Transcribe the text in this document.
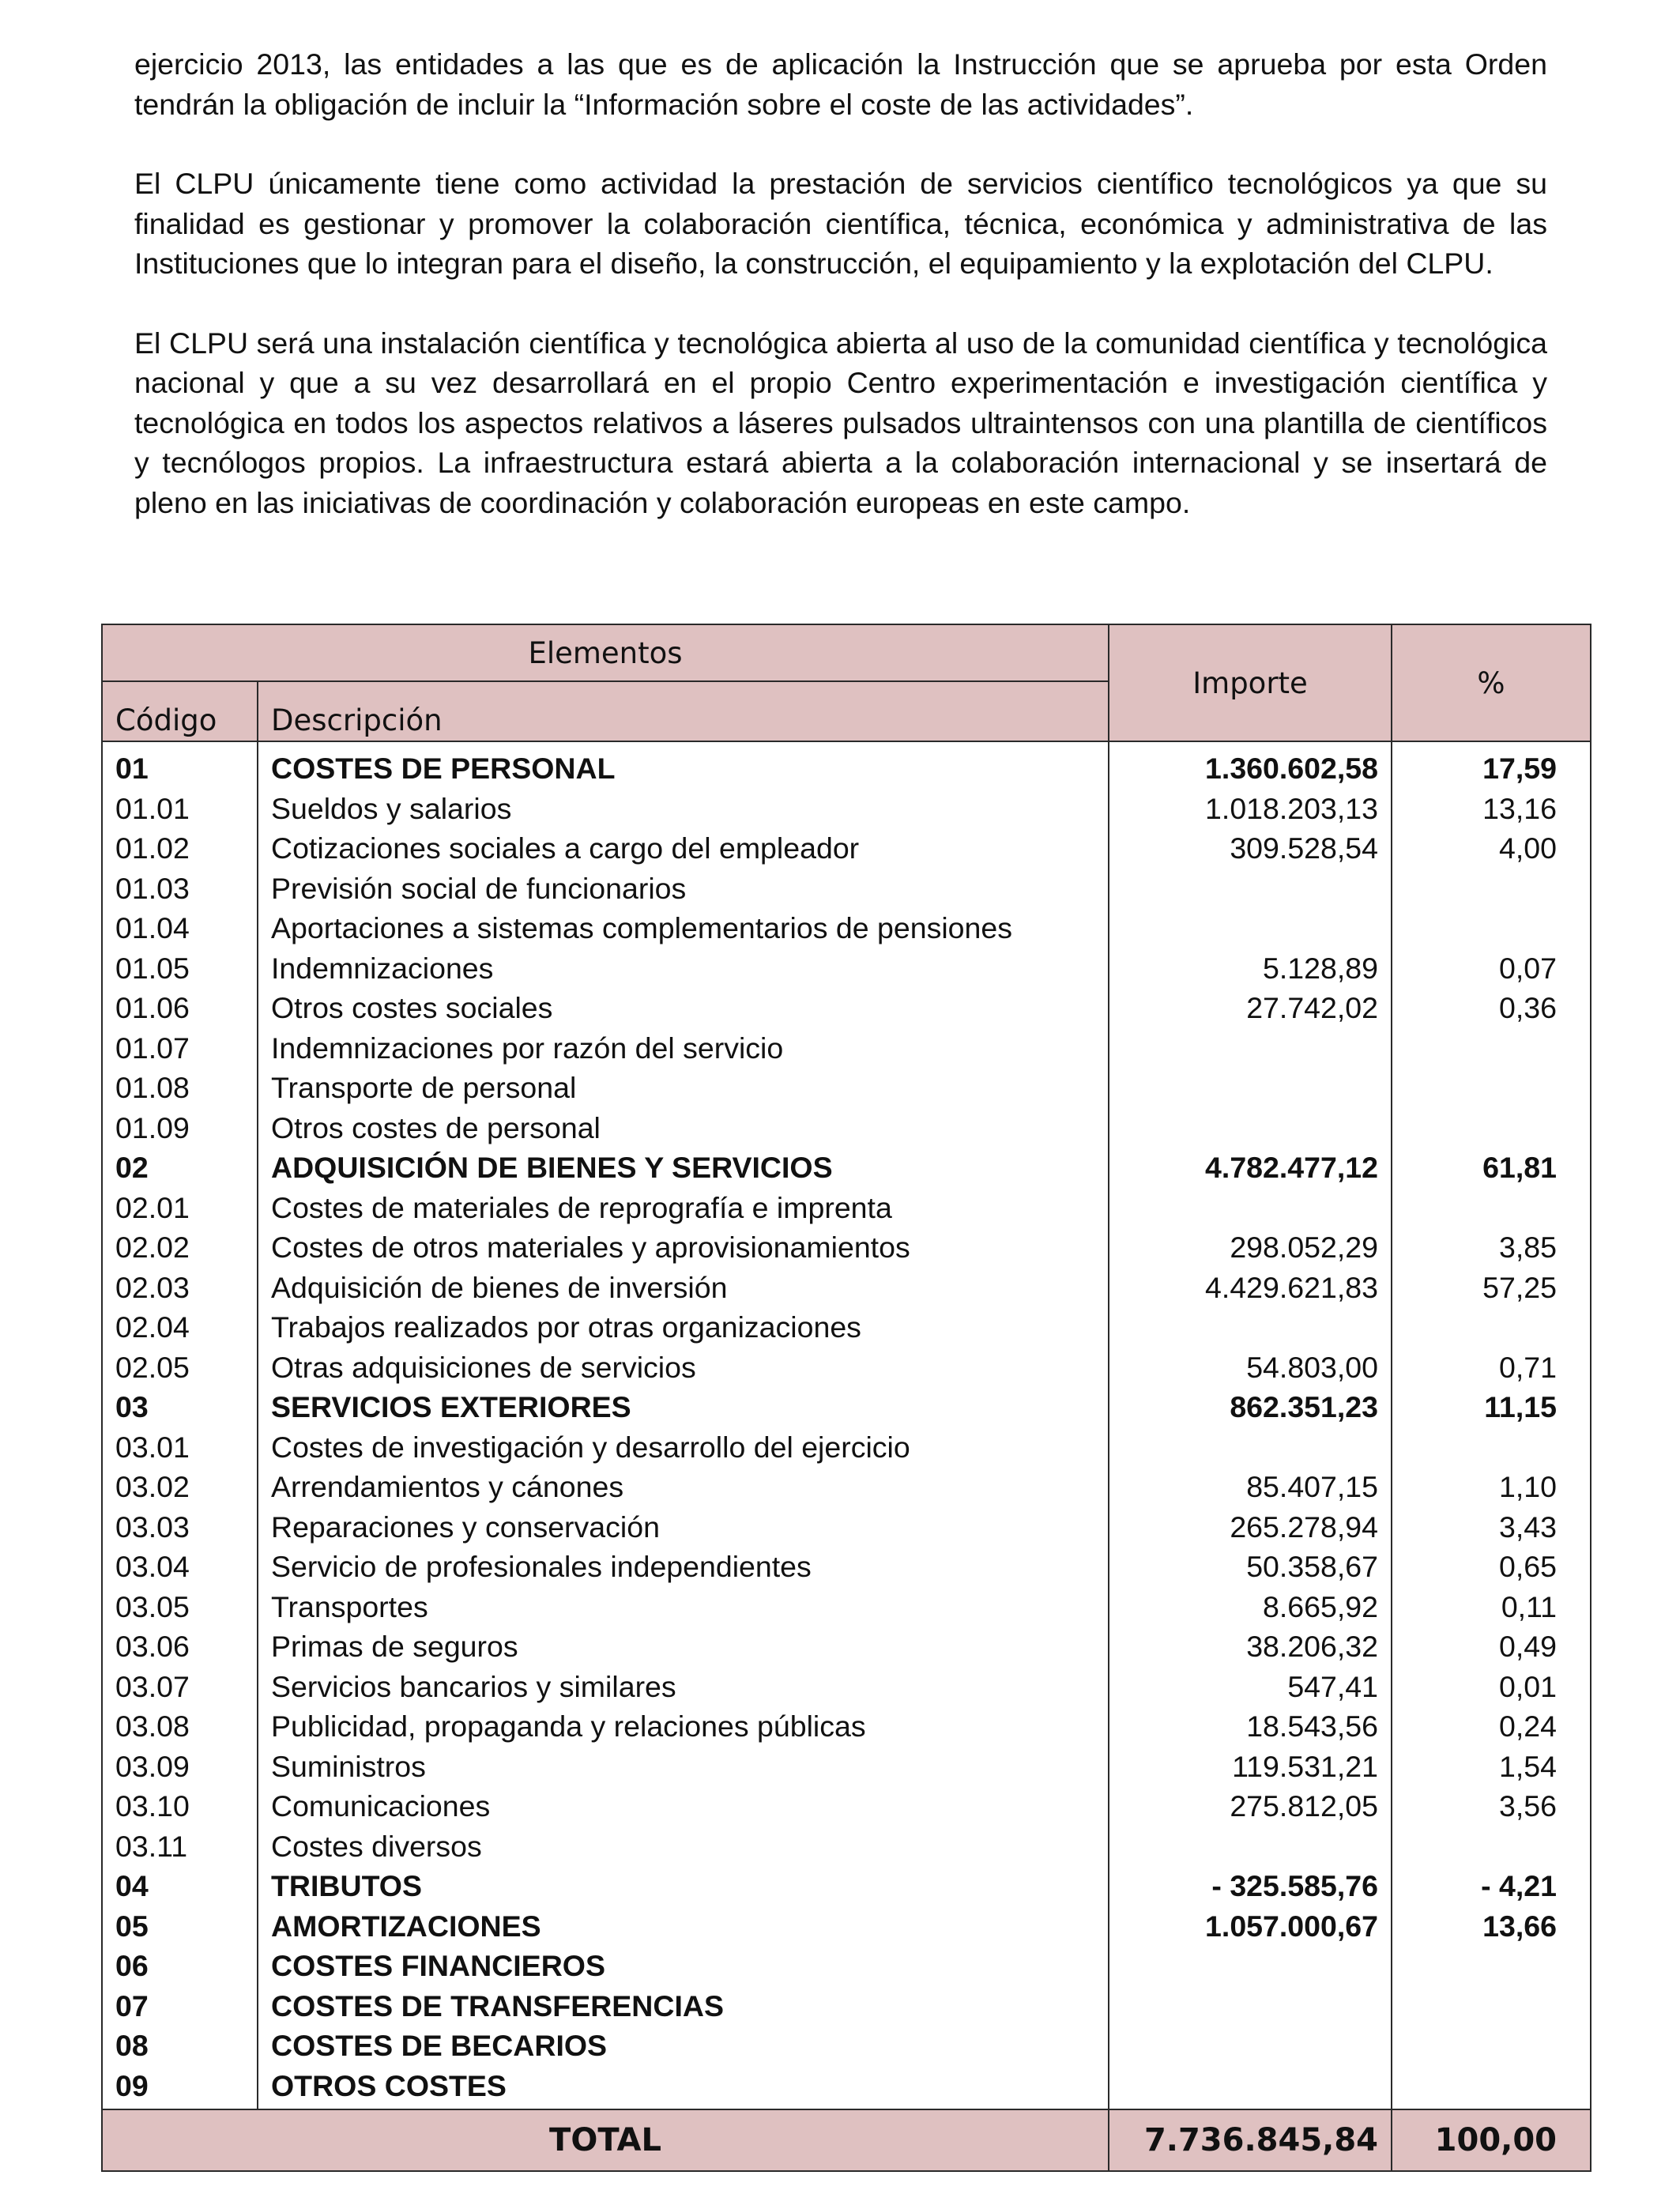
ejercicio 2013, las entidades a las que es de aplicación la Instrucción que se aprueba por esta Orden tendrán la obligación de incluir la “Información sobre el coste de las actividades”.

El CLPU únicamente tiene como actividad la prestación de servicios científico tecnológicos ya que su finalidad es gestionar y promover la colaboración científica, técnica, económica y administrativa de las Instituciones que lo integran para el diseño, la construcción, el equipamiento y la explotación del CLPU.

El CLPU será una instalación científica y tecnológica abierta al uso de la comunidad científica y tecnológica nacional y que a su vez desarrollará en el propio Centro experimentación e investigación científica y tecnológica en todos los aspectos relativos a láseres pulsados ultraintensos con una plantilla de científicos y tecnólogos propios. La infraestructura estará abierta a la colaboración internacional y se insertará de pleno en las iniciativas de coordinación y colaboración europeas en este campo.

Elementos		Importe	%
Código	Descripción		
01	COSTES DE PERSONAL	1.360.602,58	17,59
01.01	Sueldos y salarios	1.018.203,13	13,16
01.02	Cotizaciones sociales a cargo del empleador	309.528,54	4,00
01.03	Previsión social de funcionarios		
01.04	Aportaciones a sistemas complementarios de pensiones		
01.05	Indemnizaciones	5.128,89	0,07
01.06	Otros costes sociales	27.742,02	0,36
01.07	Indemnizaciones por razón del servicio		
01.08	Transporte de personal		
01.09	Otros costes de personal		
02	ADQUISICIÓN DE BIENES Y SERVICIOS	4.782.477,12	61,81
02.01	Costes de materiales de reprografía e imprenta		
02.02	Costes de otros materiales y aprovisionamientos	298.052,29	3,85
02.03	Adquisición de bienes de inversión	4.429.621,83	57,25
02.04	Trabajos realizados por otras organizaciones		
02.05	Otras adquisiciones de servicios	54.803,00	0,71
03	SERVICIOS EXTERIORES	862.351,23	11,15
03.01	Costes de investigación y desarrollo del ejercicio		
03.02	Arrendamientos y cánones	85.407,15	1,10
03.03	Reparaciones y conservación	265.278,94	3,43
03.04	Servicio de profesionales independientes	50.358,67	0,65
03.05	Transportes	8.665,92	0,11
03.06	Primas de seguros	38.206,32	0,49
03.07	Servicios bancarios y similares	547,41	0,01
03.08	Publicidad, propaganda y relaciones públicas	18.543,56	0,24
03.09	Suministros	119.531,21	1,54
03.10	Comunicaciones	275.812,05	3,56
03.11	Costes diversos		
04	TRIBUTOS	- 325.585,76	- 4,21
05	AMORTIZACIONES	1.057.000,67	13,66
06	COSTES FINANCIEROS		
07	COSTES DE TRANSFERENCIAS		
08	COSTES DE BECARIOS		
09	OTROS COSTES		
TOTAL		7.736.845,84	100,00
